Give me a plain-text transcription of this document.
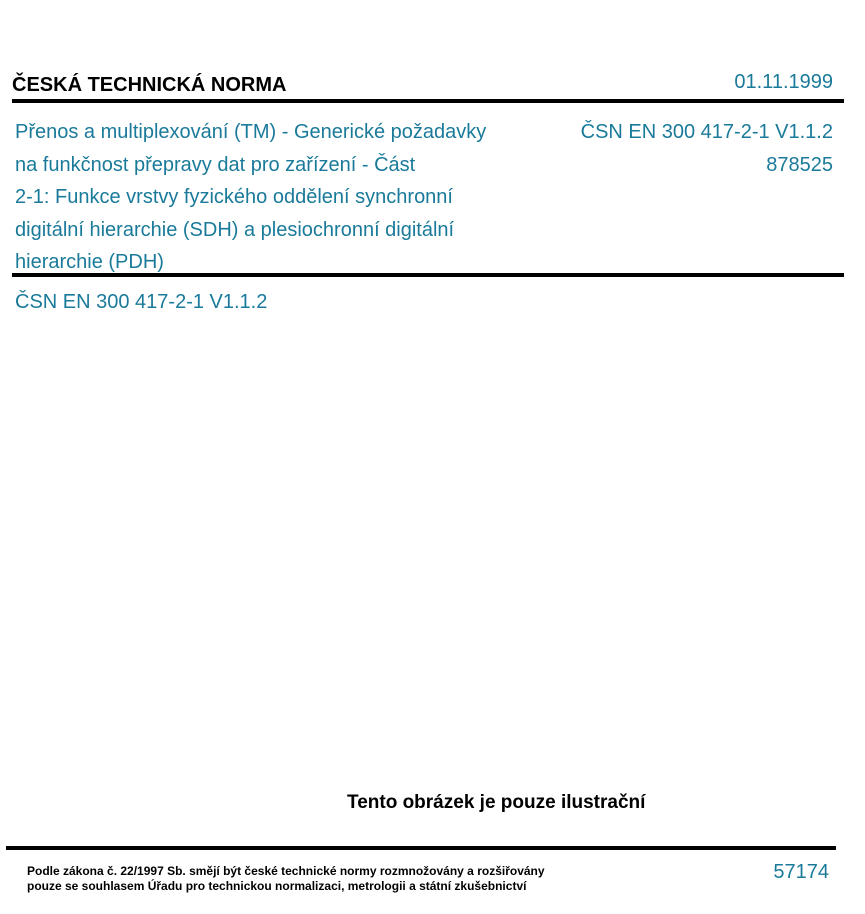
ČESKÁ TECHNICKÁ NORMA	01.11.1999
Přenos a multiplexování (TM) - Generické požadavky
na funkčnost přepravy dat pro zařízení - Část
2-1: Funkce vrstvy fyzického oddělení synchronní
digitální hierarchie (SDH) a plesiochronní digitální
hierarchie (PDH)
ČSN EN 300 417-2-1 V1.1.2
878525
ČSN EN 300 417-2-1 V1.1.2
Tento obrázek je pouze ilustrační
Podle zákona č. 22/1997 Sb. smějí být české technické normy rozmnožovány a rozšiřovány
pouze se souhlasem Úřadu pro technickou normalizaci, metrologii a státní zkušebnictví
57174
